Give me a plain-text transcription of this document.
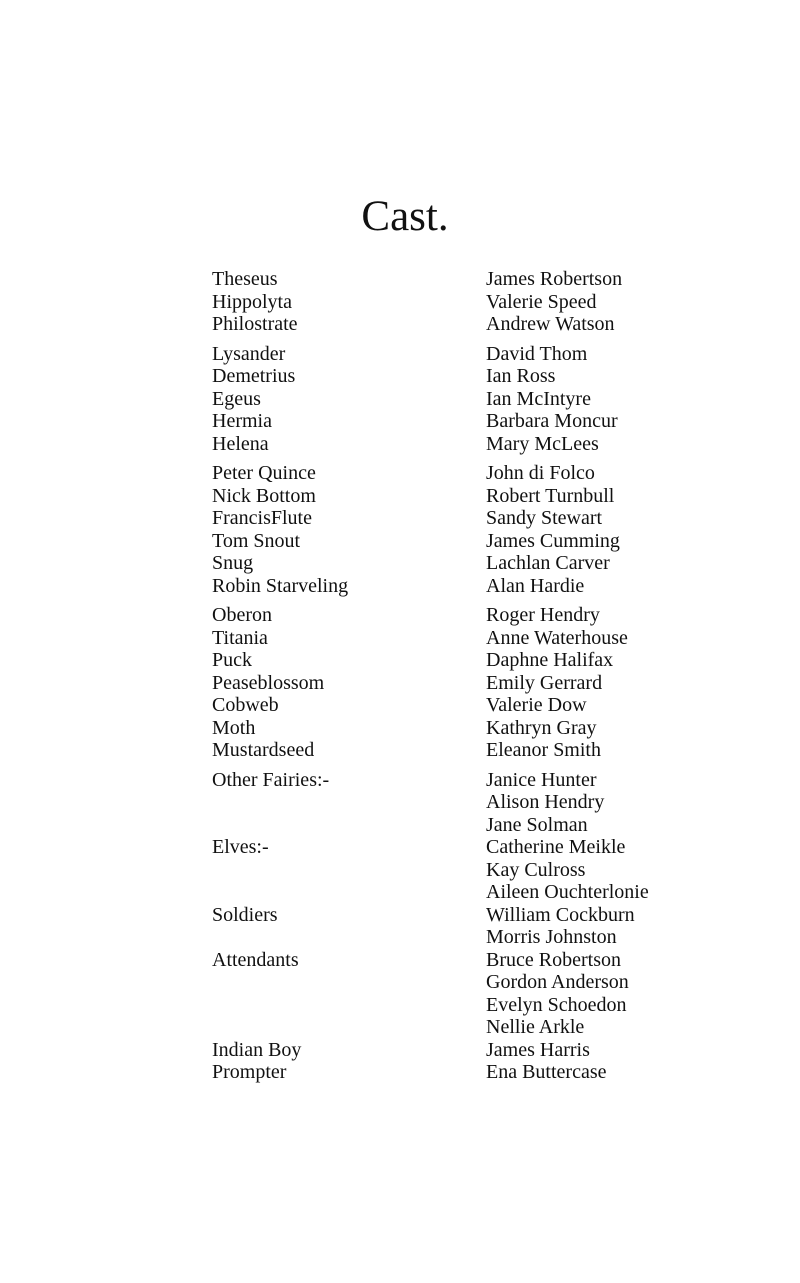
Cast.
Theseus	James Robertson
Hippolyta	Valerie Speed
Philostrate	Andrew Watson
Lysander	David Thom
Demetrius	Ian Ross
Egeus	Ian McIntyre
Hermia	Barbara Moncur
Helena	Mary McLees
Peter Quince	John di Folco
Nick Bottom	Robert Turnbull
FrancisFlute	Sandy Stewart
Tom Snout	James Cumming
Snug	Lachlan Carver
Robin Starveling	Alan Hardie
Oberon	Roger Hendry
Titania	Anne Waterhouse
Puck	Daphne Halifax
Peaseblossom	Emily Gerrard
Cobweb	Valerie Dow
Moth	Kathryn Gray
Mustardseed	Eleanor Smith
Other Fairies:-	Janice Hunter
Alison Hendry
Jane Solman
Elves:-	Catherine Meikle
Kay Culross
Aileen Ouchterlonie
Soldiers	William Cockburn
Morris Johnston
Attendants	Bruce Robertson
Gordon Anderson
Evelyn Schoedon
Nellie Arkle
Indian Boy	James Harris
Prompter	Ena Buttercase
